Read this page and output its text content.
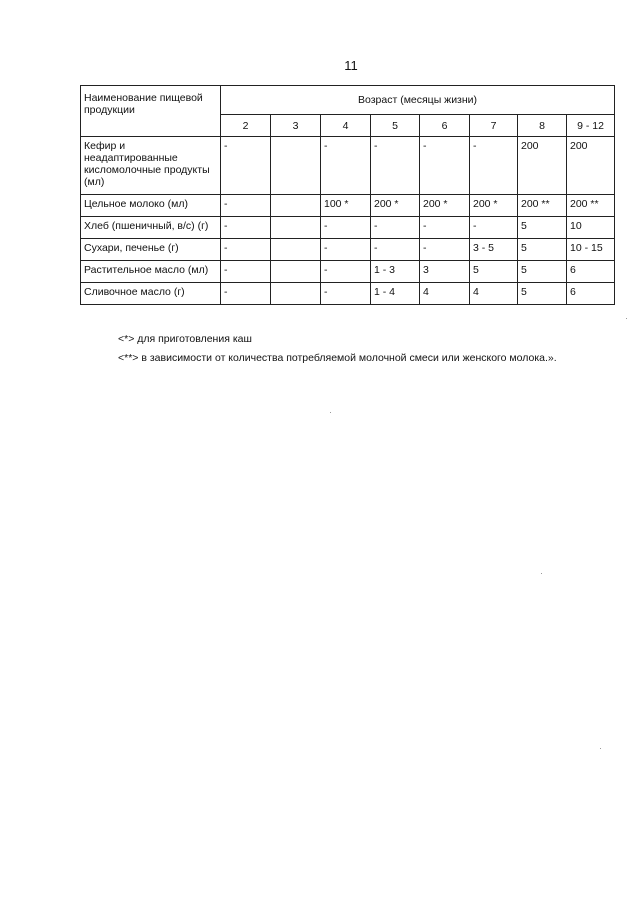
11
Наименование пищевой продукции	Возраст (месяцы жизни)							
	2	3	4	5	6	7	8	9 - 12
Кефир и неадаптированные кисломолочные продукты (мл)	-		-	-	-	-	200	200
Цельное молоко (мл)	-		100 *	200 *	200 *	200 *	200 **	200 **
Хлеб (пшеничный, в/с) (г)	-		-	-	-	-	5	10
Сухари, печенье (г)	-		-	-	-	3 - 5	5	10 - 15
Растительное масло (мл)	-		-	1 - 3	3	5	5	6
Сливочное масло (г)	-		-	1 - 4	4	4	5	6
<*> для приготовления каш
<**> в зависимости от количества потребляемой молочной смеси или женского молока.».
